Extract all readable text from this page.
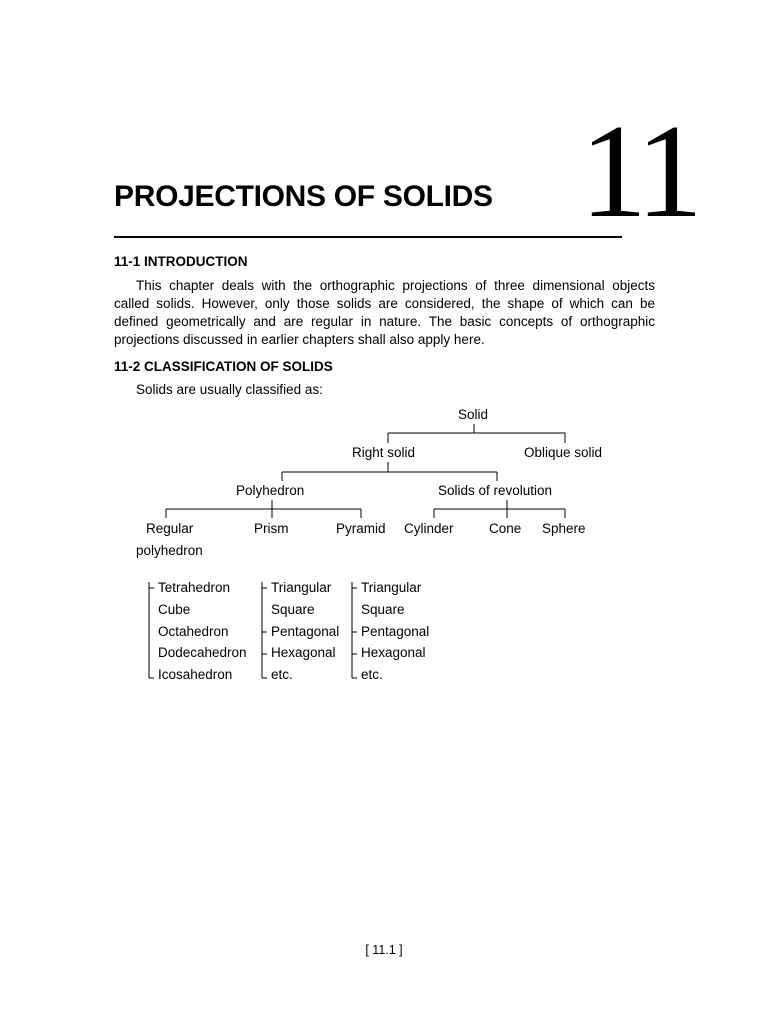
11
PROJECTIONS OF SOLIDS
11-1 INTRODUCTION

This chapter deals with the orthographic projections of three dimensional objects called solids. However, only those solids are considered, the shape of which can be defined geometrically and are regular in nature. The basic concepts of orthographic projections discussed in earlier chapters shall also apply here.

11-2 CLASSIFICATION OF SOLIDS
Solids are usually classified as:
Solid
Right solid	Oblique solid
Polyhedron	Solids of revolution
Regular
polyhedron
Prism	Pyramid Cylinder	Cone Sphere
Tetrahedron
Cube
Octahedron
Dodecahedron
Icosahedron
Triangular
Square
Pentagonal
Hexagonal
etc.
Triangular
Square
Pentagonal
Hexagonal
etc.
[ 11.1 ]
